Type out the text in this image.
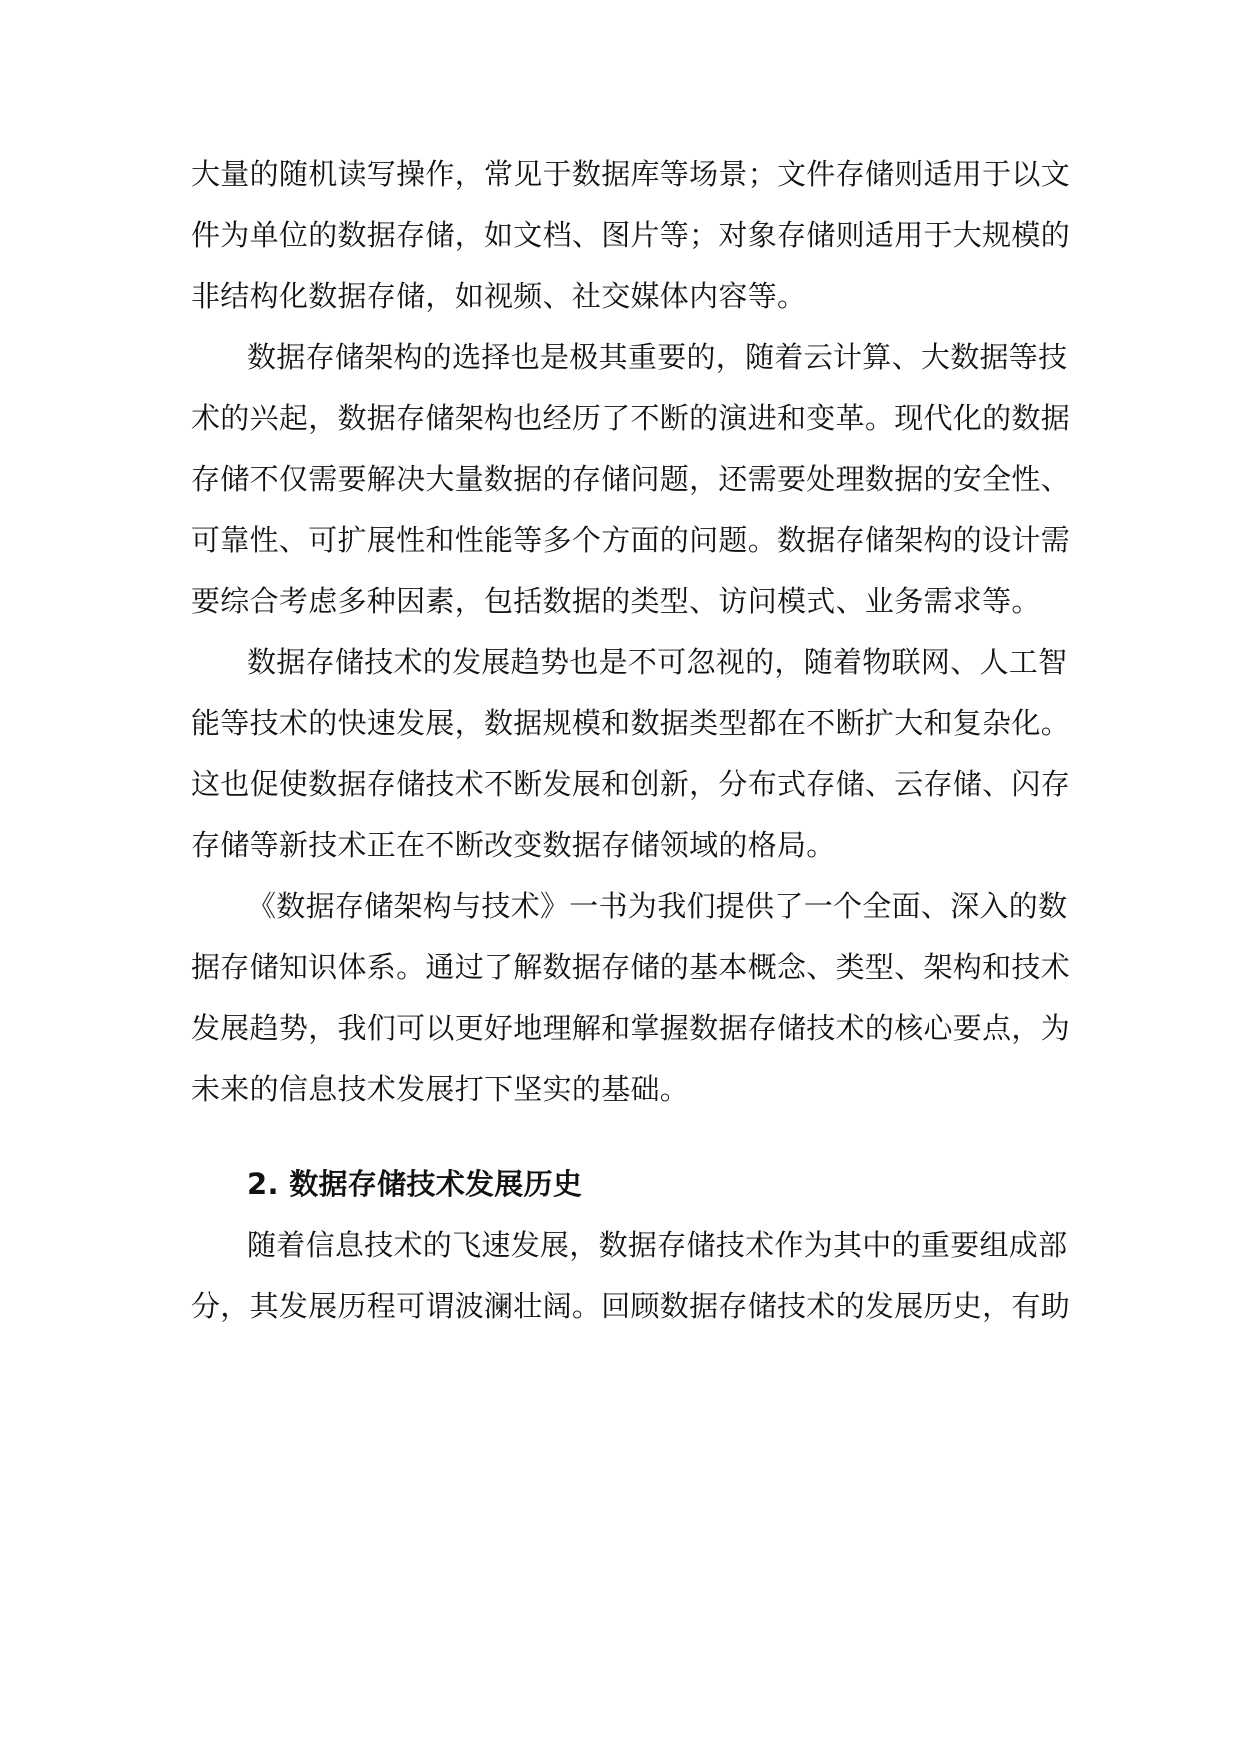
大量的随机读写操作，常见于数据库等场景；文件存储则适用于以文
件为单位的数据存储，如文档、图片等；对象存储则适用于大规模的
非结构化数据存储，如视频、社交媒体内容等。
数据存储架构的选择也是极其重要的，随着云计算、大数据等技
术的兴起，数据存储架构也经历了不断的演进和变革。现代化的数据
存储不仅需要解决大量数据的存储问题，还需要处理数据的安全性、
可靠性、可扩展性和性能等多个方面的问题。数据存储架构的设计需
要综合考虑多种因素，包括数据的类型、访问模式、业务需求等。
数据存储技术的发展趋势也是不可忽视的，随着物联网、人工智
能等技术的快速发展，数据规模和数据类型都在不断扩大和复杂化。
这也促使数据存储技术不断发展和创新，分布式存储、云存储、闪存
存储等新技术正在不断改变数据存储领域的格局。
《数据存储架构与技术》一书为我们提供了一个全面、深入的数
据存储知识体系。通过了解数据存储的基本概念、类型、架构和技术
发展趋势，我们可以更好地理解和掌握数据存储技术的核心要点，为
未来的信息技术发展打下坚实的基础。
2. 数据存储技术发展历史
随着信息技术的飞速发展，数据存储技术作为其中的重要组成部
分，其发展历程可谓波澜壮阔。回顾数据存储技术的发展历史，有助
